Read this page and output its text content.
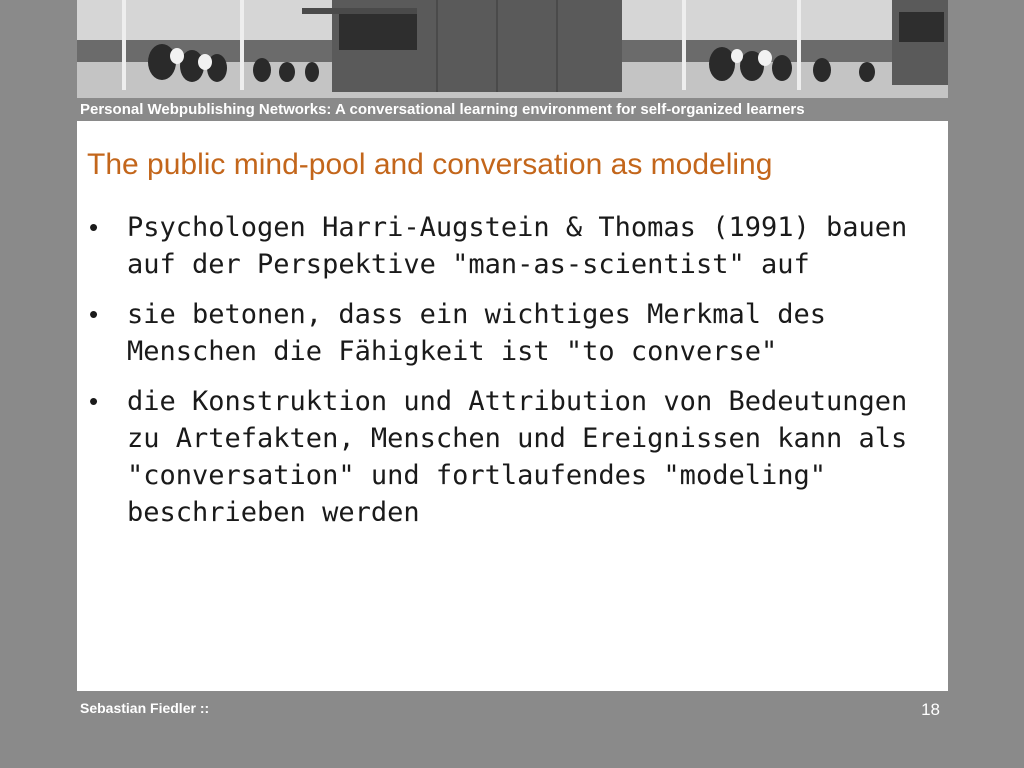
Personal Webpublishing Networks: A conversational learning environment for self-organized learners
The public mind-pool and conversation as modeling
• Psychologen Harri-Augstein & Thomas (1991) bauen auf der Perspektive "man-as-scientist" auf
• sie betonen, dass ein wichtiges Merkmal des Menschen die Fähigkeit ist "to converse"
• die Konstruktion und Attribution von Bedeutungen zu Artefakten, Menschen und Ereignissen kann als "conversation" und fortlaufendes "modeling" beschrieben werden
Sebastian Fiedler ::	18
